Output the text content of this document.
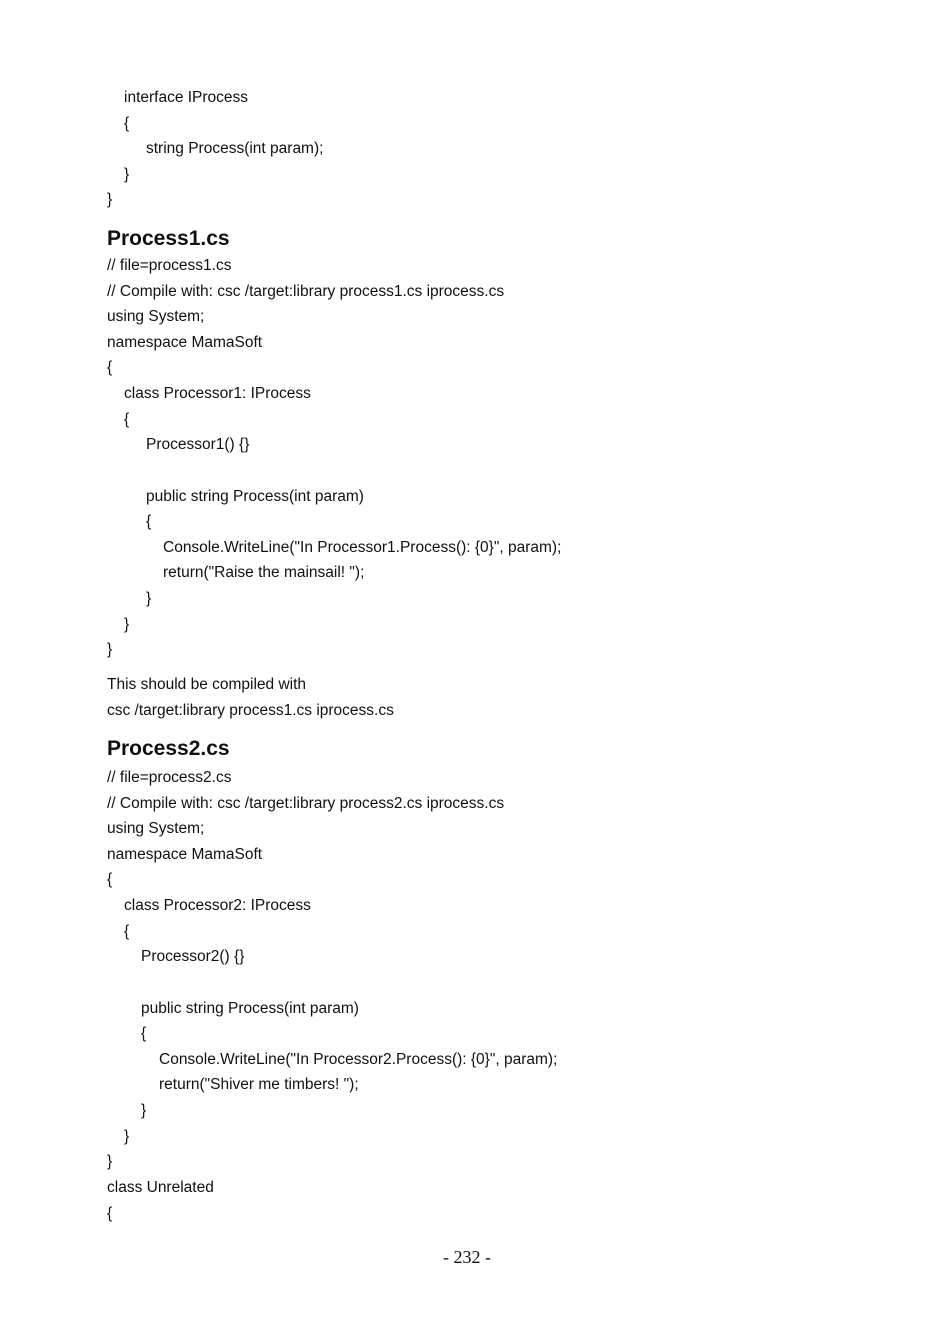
interface IProcess
{
string Process(int param);
}
}
Process1.cs
// file=process1.cs
// Compile with: csc /target:library process1.cs iprocess.cs
using System;
namespace MamaSoft
{
class Processor1: IProcess
{
Processor1() {}
public string Process(int param)
{
Console.WriteLine("In Processor1.Process(): {0}", param);
return("Raise the mainsail! ");
}
}
}
This should be compiled with
csc /target:library process1.cs iprocess.cs
Process2.cs
// file=process2.cs
// Compile with: csc /target:library process2.cs iprocess.cs
using System;
namespace MamaSoft
{
class Processor2: IProcess
{
Processor2() {}
public string Process(int param)
{
Console.WriteLine("In Processor2.Process(): {0}", param);
return("Shiver me timbers! ");
}
}
}
class Unrelated
{
- 232 -
